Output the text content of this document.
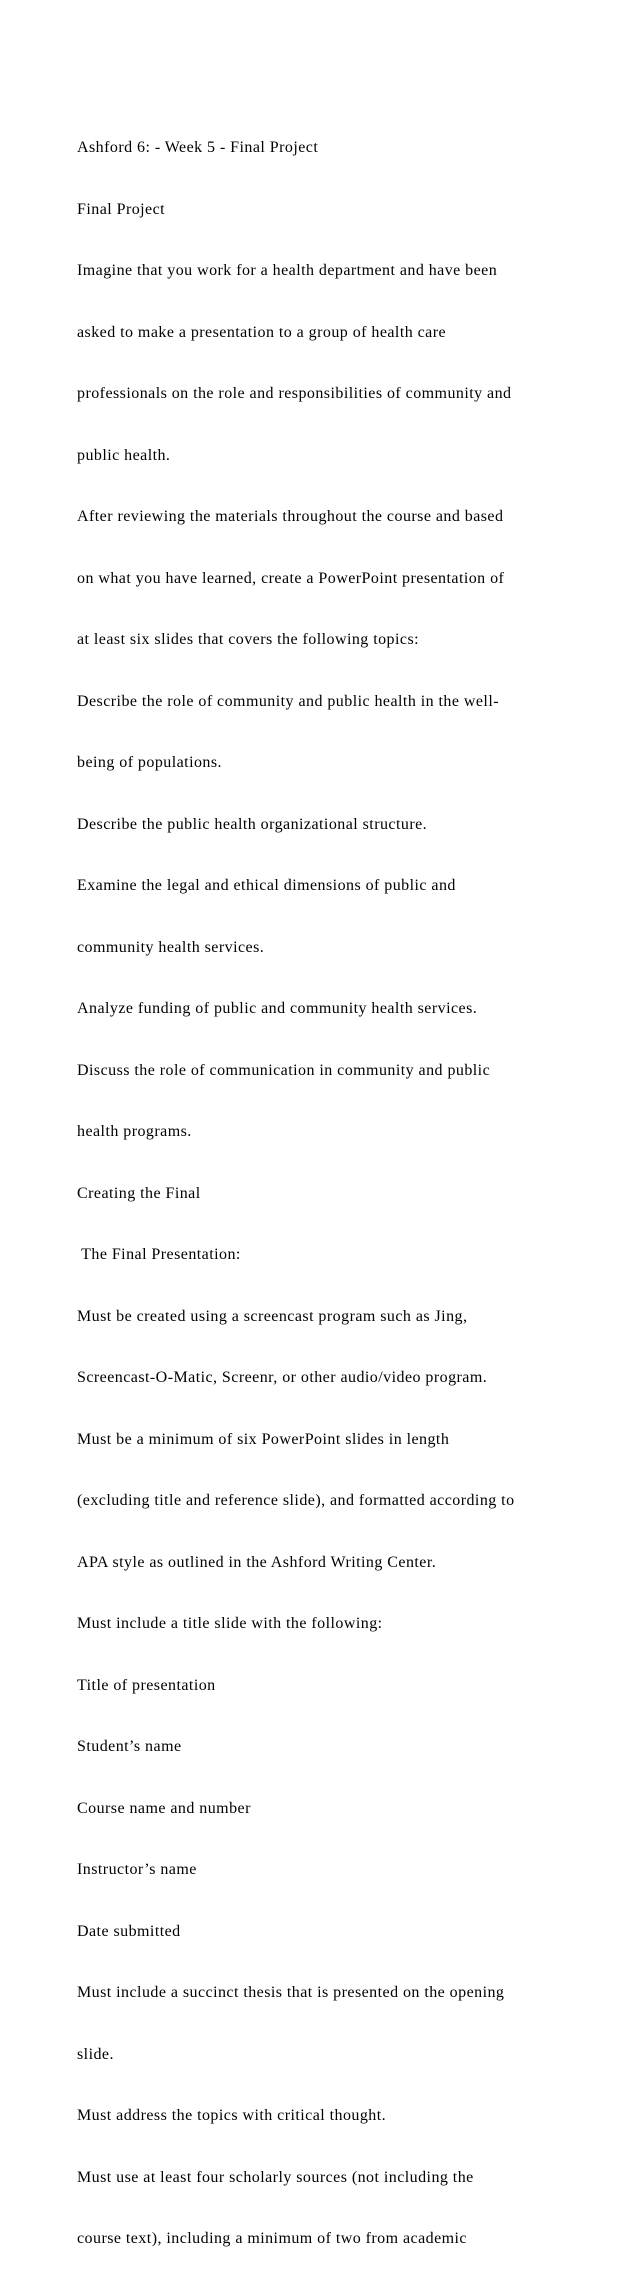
Ashford 6: - Week 5 - Final Project

Final Project

Imagine that you work for a health department and have been

asked to make a presentation to a group of health care

professionals on the role and responsibilities of community and

public health.

After reviewing the materials throughout the course and based

on what you have learned, create a PowerPoint presentation of

at least six slides that covers the following topics:

Describe the role of community and public health in the well-

being of populations.

Describe the public health organizational structure.

Examine the legal and ethical dimensions of public and

community health services.

Analyze funding of public and community health services.

Discuss the role of communication in community and public

health programs.

Creating the Final

The Final Presentation:

Must be created using a screencast program such as Jing,

Screencast-O-Matic, Screenr, or other audio/video program.

Must be a minimum of six PowerPoint slides in length

(excluding title and reference slide), and formatted according to

APA style as outlined in the Ashford Writing Center.

Must include a title slide with the following:

Title of presentation

Student’s name

Course name and number

Instructor’s name

Date submitted

Must include a succinct thesis that is presented on the opening

slide.

Must address the topics with critical thought.

Must use at least four scholarly sources (not including the

course text), including a minimum of two from academic
